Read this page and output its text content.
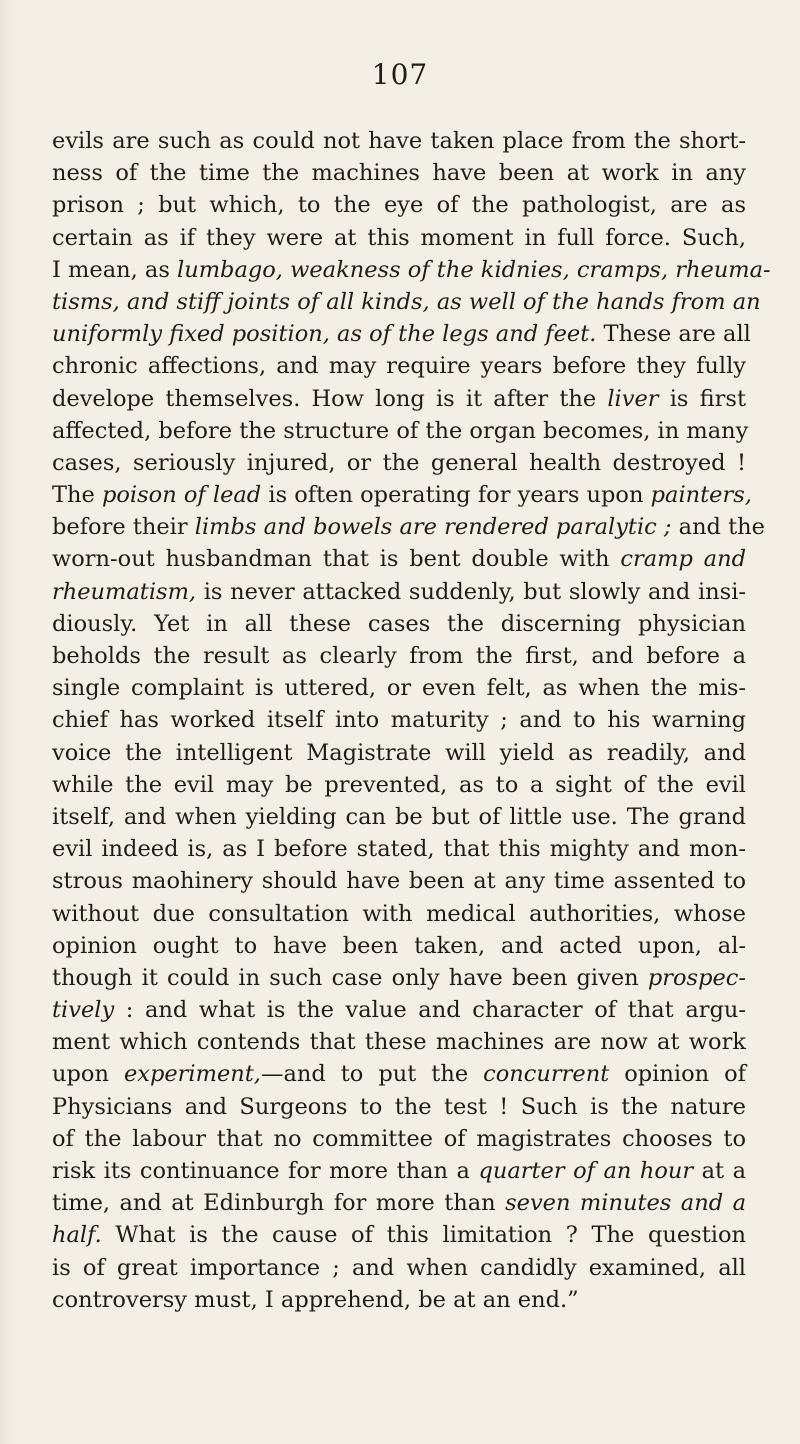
107
evils are such as could not have taken place from the short-
ness of the time the machines have been at work in any
prison ; but which, to the eye of the pathologist, are as
certain as if they were at this moment in full force. Such,
I mean, as lumbago, weakness of the kidnies, cramps, rheuma-
tisms, and stiff joints of all kinds, as well of the hands from an
uniformly fixed position, as of the legs and feet. These are all
chronic affections, and may require years before they fully
develope themselves. How long is it after the liver is first
affected, before the structure of the organ becomes, in many
cases, seriously injured, or the general health destroyed !
The poison of lead is often operating for years upon painters,
before their limbs and bowels are rendered paralytic ; and the
worn-out husbandman that is bent double with cramp and
rheumatism, is never attacked suddenly, but slowly and insi-
diously. Yet in all these cases the discerning physician
beholds the result as clearly from the first, and before a
single complaint is uttered, or even felt, as when the mis-
chief has worked itself into maturity ; and to his warning
voice the intelligent Magistrate will yield as readily, and
while the evil may be prevented, as to a sight of the evil
itself, and when yielding can be but of little use. The grand
evil indeed is, as I before stated, that this mighty and mon-
strous maohinery should have been at any time assented to
without due consultation with medical authorities, whose
opinion ought to have been taken, and acted upon, al-
though it could in such case only have been given prospec-
tively : and what is the value and character of that argu-
ment which contends that these machines are now at work
upon experiment,—and to put the concurrent opinion of
Physicians and Surgeons to the test ! Such is the nature
of the labour that no committee of magistrates chooses to
risk its continuance for more than a quarter of an hour at a
time, and at Edinburgh for more than seven minutes and a
half. What is the cause of this limitation ? The question
is of great importance ; and when candidly examined, all
controversy must, I apprehend, be at an end.”
